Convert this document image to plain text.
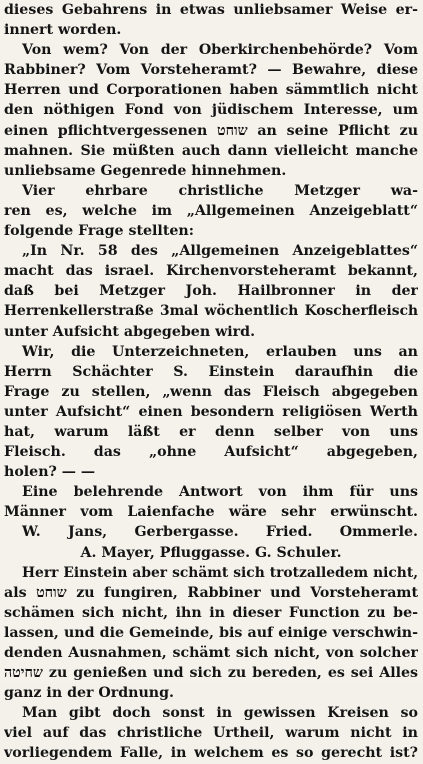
dieses Gebahrens in etwas unliebsamer Weise er-
innert worden.
Von wem? Von der Oberkirchenbehörde? Vom
Rabbiner? Vom Vorsteheramt? — Bewahre, diese
Herren und Corporationen haben sämmtlich nicht
den nöthigen Fond von jüdischem Interesse, um
einen pflichtvergessenen שוחט an seine Pflicht zu
mahnen. Sie müßten auch dann vielleicht manche
unliebsame Gegenrede hinnehmen.
Vier ehrbare christliche Metzger wa-
ren es, welche im „Allgemeinen Anzeigeblatt“
folgende Frage stellten:
„In Nr. 58 des „Allgemeinen Anzeigeblattes“
macht das israel. Kirchenvorsteheramt bekannt,
daß bei Metzger Joh. Hailbronner in der
Herrenkellerstraße 3mal wöchentlich Koscherfleisch
unter Aufsicht abgegeben wird.
Wir, die Unterzeichneten, erlauben uns an
Herrn Schächter S. Einstein daraufhin die
Frage zu stellen, „wenn das Fleisch abgegeben
unter Aufsicht“ einen besondern religiösen Werth
hat, warum läßt er denn selber von uns
Fleisch. das „ohne Aufsicht“ abgegeben,
holen? — —
Eine belehrende Antwort von ihm für uns
Männer vom Laienfache wäre sehr erwünscht.
W. Jans, Gerbergasse. Fried. Ommerle.
A. Mayer, Pfluggasse. G. Schuler.
Herr Einstein aber schämt sich trotzalledem nicht,
als שוחט zu fungiren, Rabbiner und Vorsteheramt
schämen sich nicht, ihn in dieser Function zu be-
lassen, und die Gemeinde, bis auf einige verschwin-
denden Ausnahmen, schämt sich nicht, von solcher
שחיטה zu genießen und sich zu bereden, es sei Alles
ganz in der Ordnung.
Man gibt doch sonst in gewissen Kreisen so
viel auf das christliche Urtheil, warum nicht in
vorliegendem Falle, in welchem es so gerecht ist?
